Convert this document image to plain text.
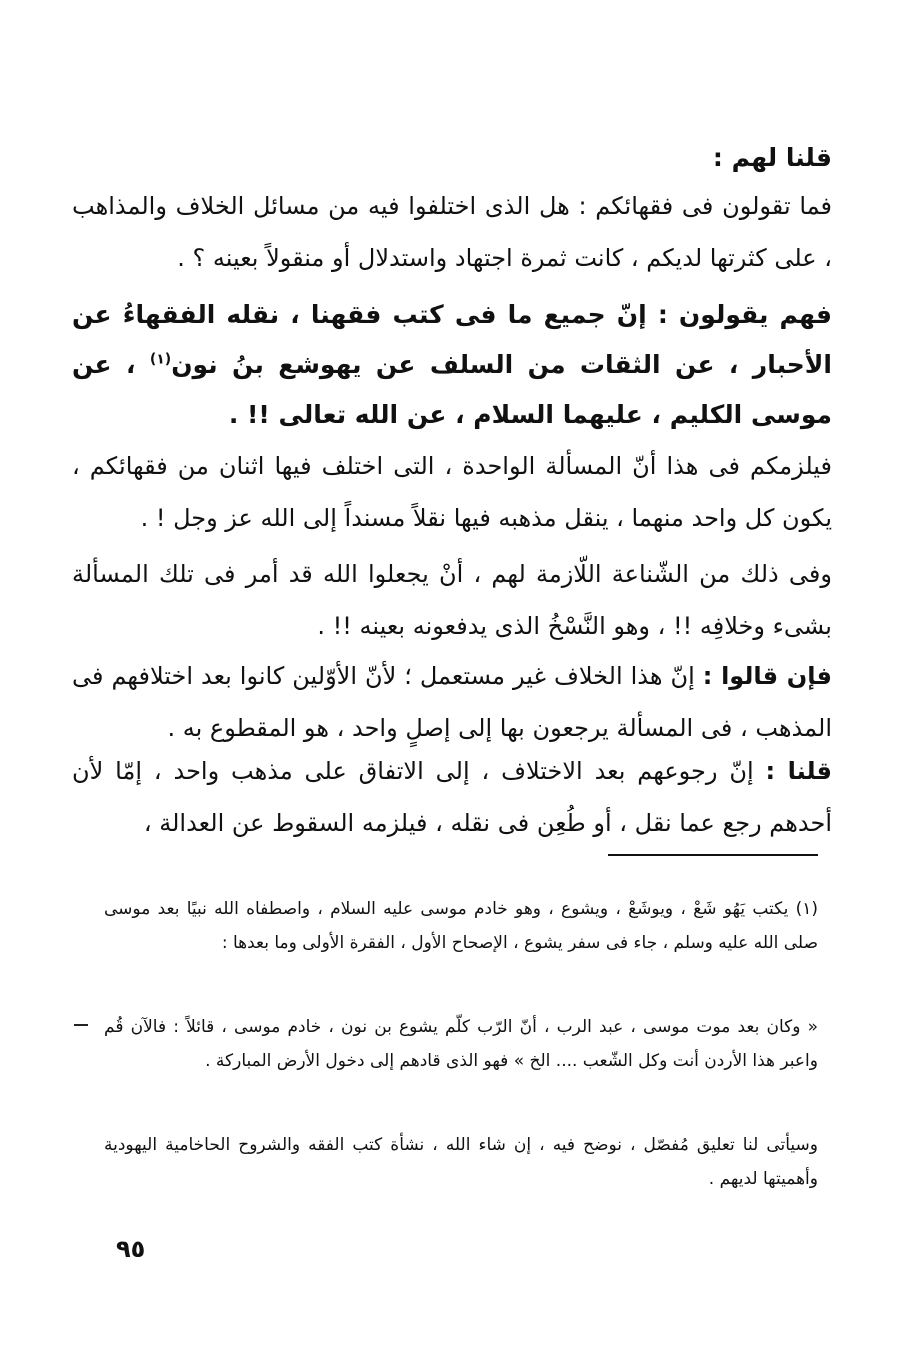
قلنا لهم :

فما تقولون فى فقهائكم : هل الذى اختلفوا فيه من مسائل الخلاف والمذاهب ، على كثرتها لديكم ، كانت ثمرة اجتهاد واستدلال أو منقولاً بعينه ؟ .

فهم يقولون : إنّ جميع ما فى كتب فقهنا ، نقله الفقهاءُ عن الأحبار ، عن الثقات من السلف عن يهوشع بنُ نون$^{(١)}$ ، عن موسى الكليم ، عليهما السلام ، عن الله تعالى !! .

فيلزمكم فى هذا أنّ المسألة الواحدة ، التى اختلف فيها اثنان من فقهائكم ، يكون كل واحد منهما ، ينقل مذهبه فيها نقلاً مسنداً إلى الله عز وجل ! .

وفى ذلك من الشّناعة اللّازمة لهم ، أنْ يجعلوا الله قد أمر فى تلك المسألة بشىء وخلافِه !! ، وهو النَّسْخُ الذى يدفعونه بعينه !! .

فإن قالوا : إنّ هذا الخلاف غير مستعمل ؛ لأنّ الأوّلين كانوا بعد اختلافهم فى المذهب ، فى المسألة يرجعون بها إلى إصلٍ واحد ، هو المقطوع به .

قلنا : إنّ رجوعهم بعد الاختلاف ، إلى الاتفاق على مذهب واحد ، إمّا لأن أحدهم رجع عما نقل ، أو طُعِن فى نقله ، فيلزمه السقوط عن العدالة ،

(١) يكتب يَهُو شَعْ ، ويوشَعْ ، ويشوع ، وهو خادم موسى عليه السلام ، واصطفاه الله نبيًا بعد موسى صلى الله عليه وسلم ، جاء فى سفر يشوع ، الإصحاح الأول ، الفقرة الأولى وما بعدها :
« وكان بعد موت موسى ، عبد الرب ، أنّ الرّب كلّم يشوع بن نون ، خادم موسى ، قائلاً : فالآن قُم واعبر هذا الأردن أنت وكل الشّعب .... الخ » فهو الذى قادهم إلى دخول الأرض المباركة .
وسيأتى لنا تعليق مُفصّل ، نوضح فيه ، إن شاء الله ، نشأة كتب الفقه والشروح الحاخامية اليهودية وأهميتها لديهم .
٩٥
